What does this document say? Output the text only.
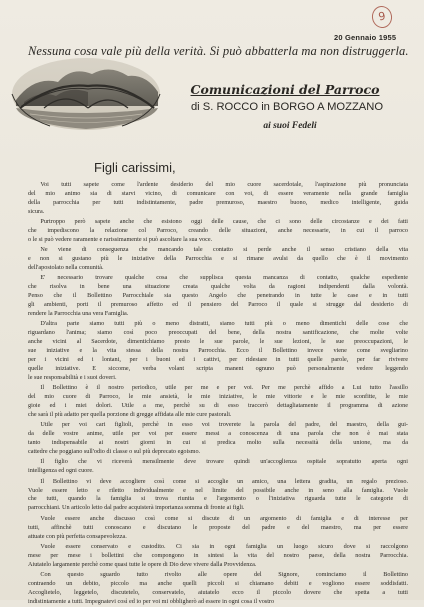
9
20 Gennaio 1955
Nessuna cosa vale più della verità. Si può abbatterla ma non distruggerla.
Comunicazioni del Parroco
di S. ROCCO in BORGO A MOZZANO
ai suoi Fedeli
Figli carissimi,
  Voi tutti sapete come l'ardente desiderio del mio cuore sacerdotale, l'aspirazione più pronunciata
del mio animo sia di starvi vicino, di comunicare con voi, di essere veramente nella grande famiglia
della parrocchia per tutti indistintamente, padre premuroso, maestro buono, medico intelligente, guida
sicura.
  Purtroppo però sapete anche che esistono oggi delle cause, che ci sono delle circostanze e dei fatti
che impediscono la relazione col Parroco, creando delle situazioni, anche necessarie, in cui il parroco
o le si può vedere raramente e rarissimamente si può ascoltare la sua voce.
  Ne viene di conseguenza che mancando tale contatto si perde anche il senso cristiano della vita
e non si gustano più le iniziative della Parrocchia e si rimane avulsi da quello che è il movimento
dell'apostolato nella comunità.
  E' necessario trovare qualche cosa che supplisca questa mancanza di contatto, qualche espediente
che risolva in bene una situazione creata qualche volta da ragioni indipendenti dalla volontà.
Penso che il Bollettino Parrocchiale sia questo Angelo che penetrando in tutte le case e in tutti
gli ambienti, porti il premuroso affetto ed il pensiero del Parroco il quale si strugge dal desiderio di
rendere la Parrocchia una vera Famiglia.
  D'altra parte siamo tutti più o meno distratti, siamo tutti più o meno dimentichi delle cose che
riguardano l'anima; siamo così poco preoccupati del bene, della nostra santificazione, che molte volte
anche vicini al Sacerdote, dimentichiamo presto le sue parole, le sue lezioni, le sue preoccupazioni, le
sue iniziative e la vita stessa della nostra Parrocchia. Ecco il Bollettino invece viene come svegliarino
per i vicini ed i lontani, per i buoni ed i cattivi, per ridestare in tutti quelle parole, per far rivivere
quelle iniziative. E siccome, verba volant scripta manent ognuno può personalmente vedere leggendo
le sue responsabilità e i suoi doveri.
  Il Bollettino è il nostro periodico, utile per me e per voi. Per me perchè affido a Lui tutto l'assillo
del mio cuore di Parroco, le mie ansietà, le mie iniziative, le mie vittorie e le mie sconfitte, le mie
gioie ed i miei dolori. Utile a me, perchè su di esso traccerò dettagliatamente il programma di azione
che sarà il più adatto per quella porzione di gregge affidata alle mie cure pastorali.
  Utile per voi cari figlioli, perchè in esso voi troverete la parola del padre, del maestro, della gui-
da delle vostre anime, utile per voi per essere messi a conoscenza di una parola che non è mai stata
tanto indispensabile ai nostri giorni in cui si predica molto sulla necessità della unione, ma da
cattedre che poggiano sull'odio di classe o sul più deprecato egoismo.
  Il figlio che vi riceverà mensilmente deve trovare quindi un'accoglienza ospitale sopratutto aperta ogni
intelligenza ed ogni cuore.
  Il Bollettino vi deve accogliere così come si accoglie un amico, una lettera gradita, un regalo prezioso.
Vuole essere letto e riletto individualmente e nel limite del possibile anche in seno alla famiglia. Vuole
che tutti, quando la famiglia si trova riunita e l'argomento o l'iniziativa riguarda tutte le categorie di
parrocchiani. Un articolo letto dal padre acquisterà importanza somma di fronte ai figli.
  Vuole essere anche discusso così come si discute di un argomento di famiglia e di interesse per
tutti, affinchè tutti conoscano e discutano le proposte del padre e del maestro, ma per essere
attuate con più perfetta consapevolezza.
  Vuole essere conservato e custodito. Ci sia in ogni famiglia un luogo sicuro dove si raccolgono
mese per mese i bollettini che compongono in sintesi la vita del nostro paese, della nostra Parrocchia.
Aiutatelo largamente perchè come quasi tutte le opere di Dio deve vivere dalla Provvidenza.
  Con questo sguardo tutto rivolto alle opere del Signore, cominciamo il Bollettino
contraendo un debito, piccolo ma anche quelli piccoli si chiamano debiti e vogliono essere soddisfatti.
Accoglietelo, leggetelo, discutetelo, conservatelo, aiutatelo ecco il piccolo dovere che spetta a tutti
indistintamente a tutti. Impegnatevi così ed io per voi mi obbligherò ad essere in ogni cosa il vostro
